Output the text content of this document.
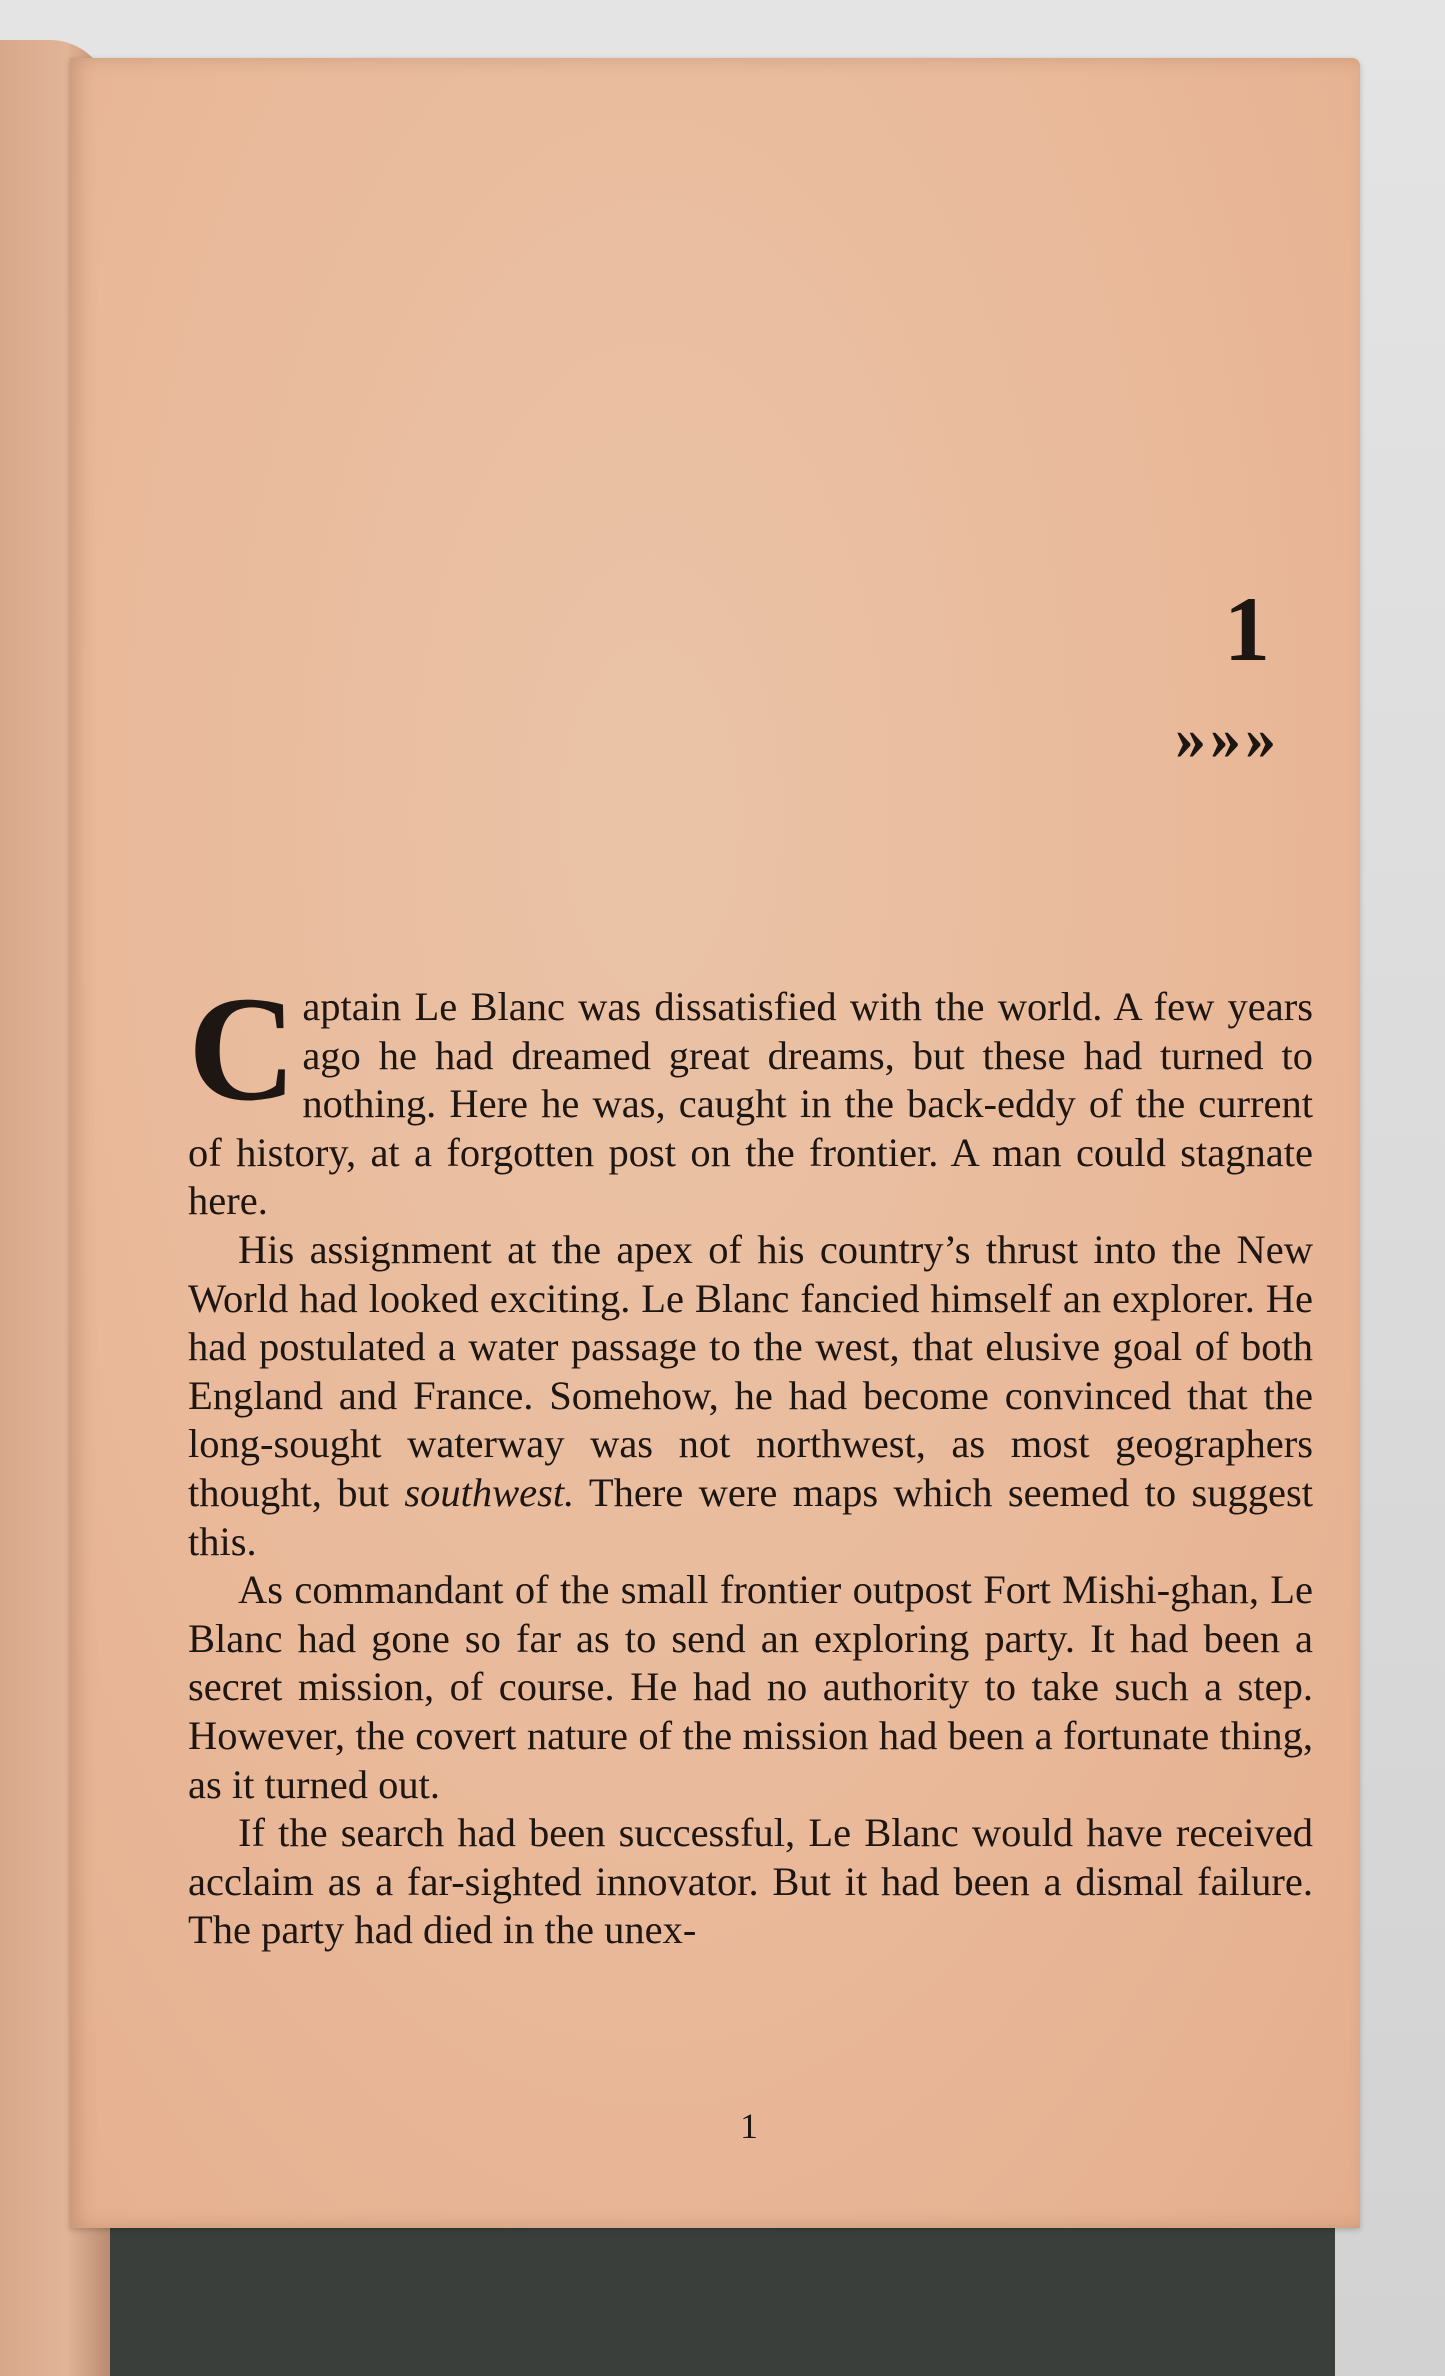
1
»»»

Captain Le Blanc was dissatisfied with the world. A few years ago he had dreamed great dreams, but these had turned to nothing. Here he was, caught in the back-eddy of the current of history, at a forgotten post on the frontier. A man could stagnate here.

His assignment at the apex of his country’s thrust into the New World had looked exciting. Le Blanc fancied himself an explorer. He had postulated a water passage to the west, that elusive goal of both England and France. Somehow, he had become convinced that the long-sought waterway was not northwest, as most geographers thought, but southwest. There were maps which seemed to suggest this.

As commandant of the small frontier outpost Fort Mishi-ghan, Le Blanc had gone so far as to send an exploring party. It had been a secret mission, of course. He had no authority to take such a step. However, the covert nature of the mission had been a fortunate thing, as it turned out.

If the search had been successful, Le Blanc would have received acclaim as a far-sighted innovator. But it had been a dismal failure. The party had died in the unex-

1
